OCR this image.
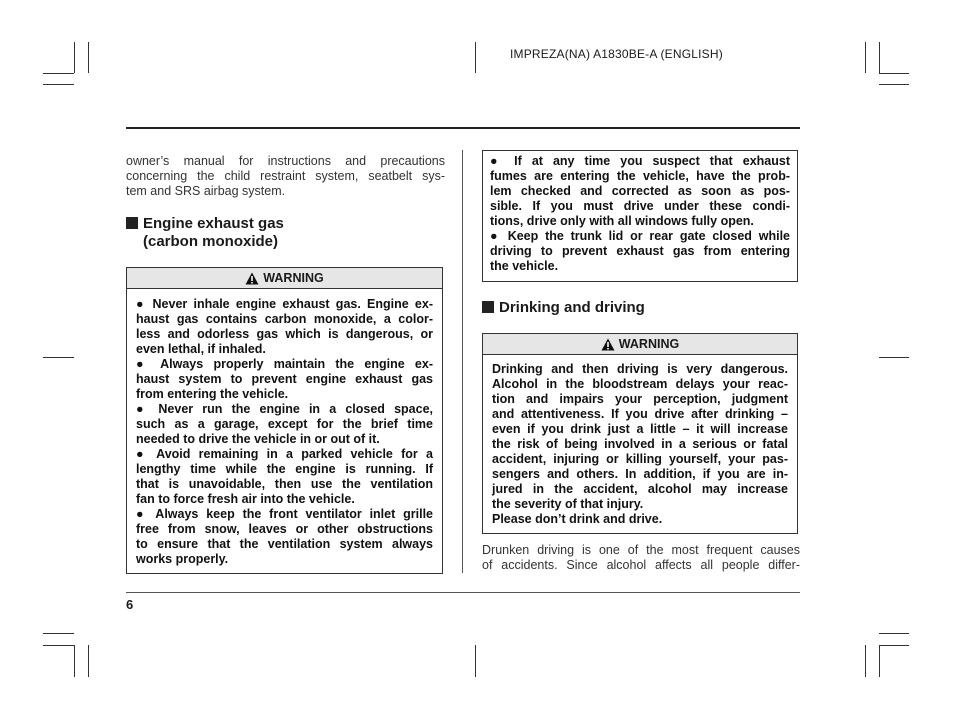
IMPREZA(NA) A1830BE-A (ENGLISH)
owner’s manual for instructions and precautions
concerning the child restraint system, seatbelt sys-
tem and SRS airbag system.
Engine exhaust gas
(carbon monoxide)
WARNING
● Never inhale engine exhaust gas. Engine ex-
haust gas contains carbon monoxide, a color-
less and odorless gas which is dangerous, or
even lethal, if inhaled.
● Always properly maintain the engine ex-
haust system to prevent engine exhaust gas
from entering the vehicle.
● Never run the engine in a closed space,
such as a garage, except for the brief time
needed to drive the vehicle in or out of it.
● Avoid remaining in a parked vehicle for a
lengthy time while the engine is running. If
that is unavoidable, then use the ventilation
fan to force fresh air into the vehicle.
● Always keep the front ventilator inlet grille
free from snow, leaves or other obstructions
to ensure that the ventilation system always
works properly.
● If at any time you suspect that exhaust
fumes are entering the vehicle, have the prob-
lem checked and corrected as soon as pos-
sible. If you must drive under these condi-
tions, drive only with all windows fully open.
● Keep the trunk lid or rear gate closed while
driving to prevent exhaust gas from entering
the vehicle.
Drinking and driving
WARNING
Drinking and then driving is very dangerous.
Alcohol in the bloodstream delays your reac-
tion and impairs your perception, judgment
and attentiveness. If you drive after drinking –
even if you drink just a little – it will increase
the risk of being involved in a serious or fatal
accident, injuring or killing yourself, your pas-
sengers and others. In addition, if you are in-
jured in the accident, alcohol may increase
the severity of that injury.
Please don’t drink and drive.
Drunken driving is one of the most frequent causes
of accidents. Since alcohol affects all people differ-
6
